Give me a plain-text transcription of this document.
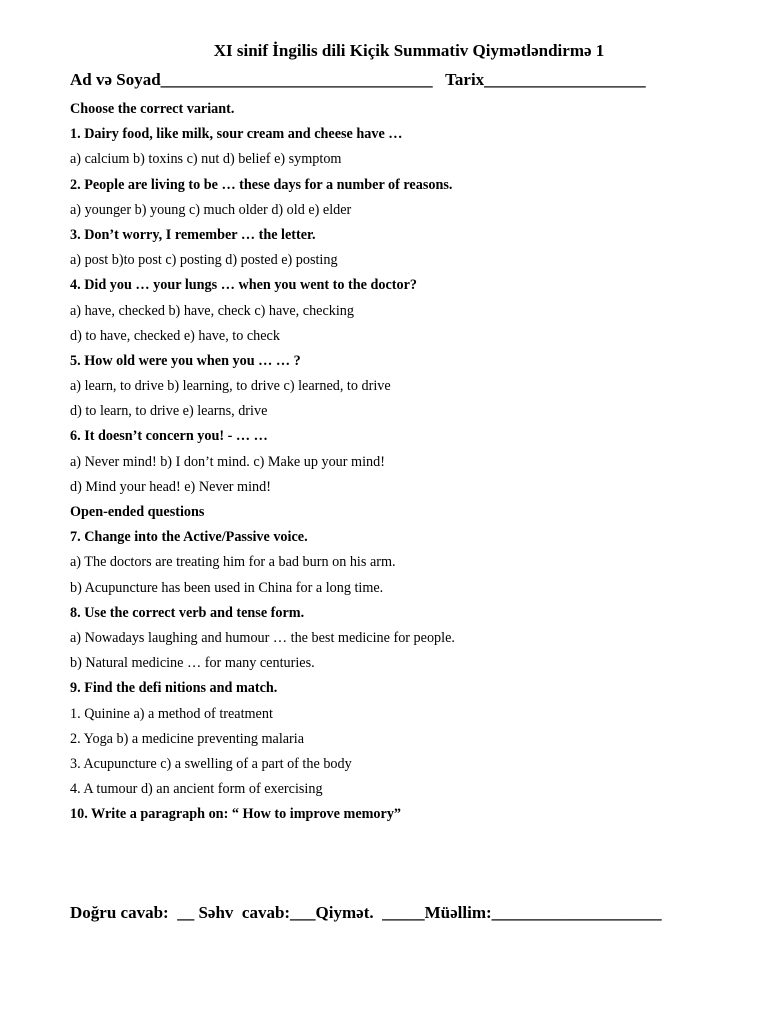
XI sinif İngilis dili Kiçik Summativ Qiymətləndirmə 1
Ad və Soyad________________________________   Tarix___________________
Choose the correct variant.
1. Dairy food, like milk, sour cream and cheese have …
a) calcium b) toxins c) nut d) belief e) symptom
2. People are living to be … these days for a number of reasons.
a) younger b) young c) much older d) old e) elder
3. Don’t worry, I remember … the letter.
a) post b)to post c) posting d) posted e) posting
4. Did you … your lungs … when you went to the doctor?
a) have, checked b) have, check c) have, checking
d) to have, checked e) have, to check
5. How old were you when you … … ?
a) learn, to drive b) learning, to drive c) learned, to drive
d) to learn, to drive e) learns, drive
6. It doesn’t concern you! - … …
a) Never mind! b) I don’t mind. c) Make up your mind!
d) Mind your head! e) Never mind!
Open-ended questions
7. Change into the Active/Passive voice.
a) The doctors are treating him for a bad burn on his arm.
b) Acupuncture has been used in China for a long time.
8. Use the correct verb and tense form.
a) Nowadays laughing and humour … the best medicine for people.
b) Natural medicine … for many centuries.
9. Find the defi nitions and match.
1. Quinine a) a method of treatment
2. Yoga b) a medicine preventing malaria
3. Acupuncture c) a swelling of a part of the body
4. A tumour d) an ancient form of exercising
10. Write a paragraph on: “ How to improve memory”
Doğru cavab:  __ Səhv  cavab:___Qiymət.  _____Müəllim:____________________
